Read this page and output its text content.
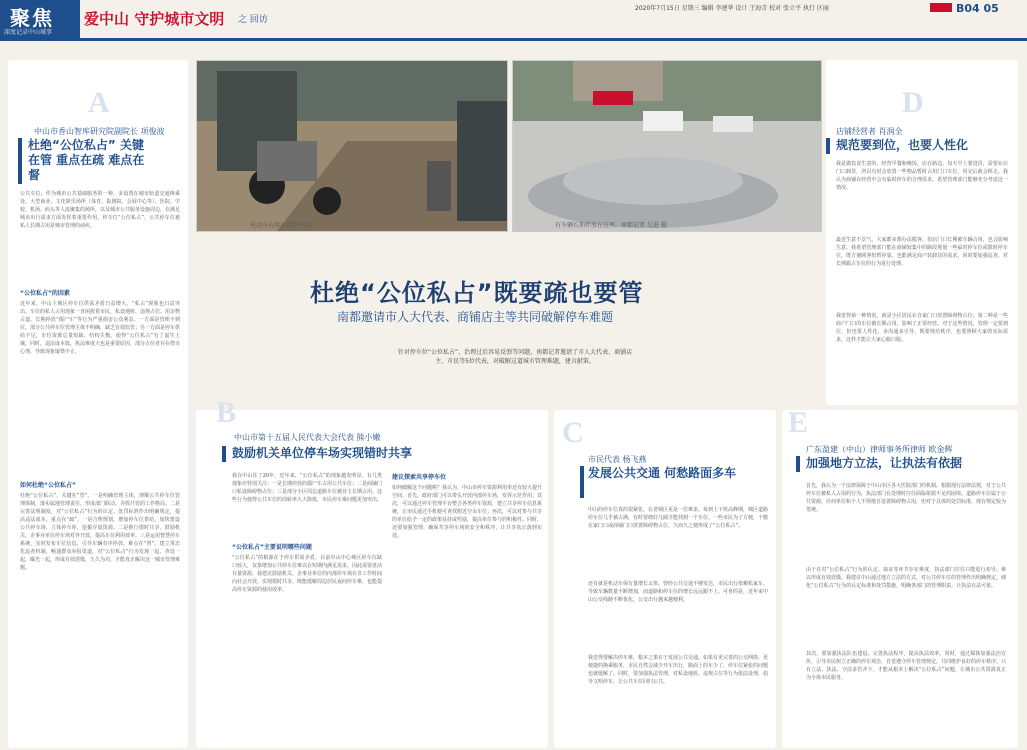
聚焦
深度记录中山城事
爱中山 守护城市文明 之 回访
2020年7月15日 星期三 编辑 李建华 设计 王海青 校对 张立平 执行 区丽	B04 05
A
中山市香山智库研究院副院长 项俊波
杜绝“公位私占” 关键在管 重点在疏 难点在督
公共车位，作为城市公共基础服务的一种，多设置在城市轨道交通换乘处、大型商业、文化娱乐场所（体育、影剧院、会展中心等）、医院、学校、机场、码头等人流聚集的场所，以及城市公共服务设施周边，在满足城市出行需求方面发挥着重要作用。停车位“公位私占”，公共停车位被私人长期占用是城市管理的顽疾。
“公位私占”的因素
近年来，中山主城区停车位供需矛盾日益增大，“私占”现象也日益突出。车位的私人占用现象一直困扰着市民，私设地桩、违规占位、用杂物占道、长期停放“僵尸车”等行为严重损害公众利益。一方面是管理不到位，部分公共停车位管理主体不明确，缺乏有效监管；另一方面是停车供给不足，车位资源总量短缺、结构失衡，使得“公位私占”有了滋生土壤。同时，违法成本低、执法难度大也是重要原因，部分占位者存在侥幸心理，导致现象屡禁不止。
如何杜绝“公位私占”
杜绝“公位私占”，关键在“管”。一是明确管理主体，理顺公共停车位管理体制，落实属地管理责任，形成部门联动、齐抓共管的工作格局。二是完善法规制度，对“公位私占”行为的认定、处罚标准作出明确规定，提高违法成本。重点在“疏”。一是合理规划，增加停车位供给，加快建设公共停车场、立体停车库，挖掘存量资源。二是推行错时共享，鼓励机关、企事业单位停车场对外开放，提高车位利用效率。三是运用智慧停车系统，实时发布车位信息，引导车辆有序停放。难点在“督”。建立常态化巡查机制，畅通群众举报渠道，对“公位私占”行为发现一起、查处一起，曝光一起，形成有效震慑，久久为功，才能真正解决这一城市管理难题。
电动车占用公共停车位。	有车辆长期停放在这里。南都记者 吴进 摄
杜绝“公位私占”既要疏也要管
南都邀请市人大代表、商铺店主等共同破解停车难题
针对停车位“公位私占”、治理过后容易反弹等问题，南都记者邀请了市人大代表、商铺店主、市民等5位代表，对破解这道城市管理难题，建言献策。
D
店铺经营者 肖润全
规范要到位，也要人性化
我是做饮食生意的，经营早餐和晚饭，店在路边。每天早上要进货，需要在店门口卸货，所以有时会放置一些物品暂时占用门口车位，用完后就会移走。我认为商铺在经营中会有临时停车的合理需求，希望管理部门能够充分考虑这一情况。
最近生意不景气，大家都多想办法揽客。但店门口长期被车辆占用，也会影响生意。我希望管理部门能在商铺较集中的路段规划一些临时停车位或限时停车位，既方便顾客短暂停靠，也能满足商户装卸货的需求，同时要加强巡查，对长期霸占车位的行为进行处理。
我觉得第一种情况，就是小区居民在自家门口放置障碍物占位；第二种是一些商户门口的车位被长期占用，影响了正常经营。对于这些情况，管理一定要到位，但也要人性化，多沟通多引导，既要规范秩序，也要照顾大家的实际需求，这样才能让大家心服口服。
B
中山市第十五届人民代表大会代表 熊小嫩
鼓励机关单位停车场实现错时共享
我在中山住了20年，近年来，“公位私占”的现象越发明显。有几类现象应特别关注：一是长期停放的僵尸车占用公共车位；二是商铺门口私设障碍物占位；三是部分小区周边道路车位被业主长期占用。这些行为使得公共车位的周转率大大降低，市民停车难问题更加突出。
“公位私占”主要说明哪些问题
“公位私占”的根源在于停车供需矛盾。目前中山中心城区停车位缺口较大，仅靠增加公共停车位难以在短期内满足需求，因此需要盘活存量资源。我建议鼓励机关、企事业单位的内部停车场在非工作时间向社会开放，实现错时共享，既能缓解周边居民夜间停车难，也能提高停车资源的使用效率。
建议探索共享停车位
如何破解这个问题呢？我认为，中山市停车资源利用率还有较大提升空间。首先，政府部门可以带头开放内部停车场，发挥示范作用；其次，可以通过停车管理平台整合各类停车资源，建立共享停车信息系统，让市民通过手机便可查找附近空余车位；再次，可以对参与共享的单位给予一定的政策扶持或奖励，提高单位参与的积极性。同时，还要加强管理，确保共享停车场的安全和秩序，让共享真正落到实处。
C
市民代表 杨飞燕
发展公共交通 何愁路面多车
中山的停车位真的很紧张，在老城区更是一位难求。每到上下班高峰期，城区道路停车位几乎被占满，有时要绕好几圈才能找到一个车位。一些市民为了方便，干脆在家门口或商铺门口放置障碍物占位，久而久之便形成了“公位私占”。
还有就是机动车保有量增长太快。曾经公共交通不够发达，市民出行依赖私家车，导致车辆数量不断增加，而道路和停车位的增长远远跟不上。可喜的是，近年来中山公交线路不断优化，公交出行越来越便利。
我觉得要解决停车难，根本之策在于发展公共交通。如果有更完善的公交网络、更便捷的换乘服务，市民自然会减少开车出行，路面上的车少了，停车位紧张的问题也就缓解了。同时，要加强执法管理，对私设地桩、违规占位等行为依法处理，倡导文明停车，让公共车位回归公共。
E
广东盈建（中山）律师事务所律师 欧金辉
加强地方立法，让执法有依据
首先，我认为一个法律保障于中山市区各大医院部门的机制。根据现行法律法规，对于公共停车位被私人占用的行为，执法部门在处理时往往面临依据不足的困境。道路停车位属于公共资源，任何单位和个人不得擅自设置障碍物占用，但对于具体的处罚标准，现有规定较为笼统。
由于在对“公位私占”行为的认定、取证等环节存在难度，执法部门往往只能进行劝导，难以形成有效震慑。我建议中山通过地方立法的方式，对公共停车位的管理作出明确规定，细化“公位私占”行为的认定标准和处罚措施，明确各部门的管理职责，让执法有法可依。
其次，要加强执法队伍建设，完善执法程序，提高执法效率。同时，通过媒体加强法治宣传，引导市民树立正确的停车观念，自觉遵守停车管理规定，共同维护良好的停车秩序。只有立法、执法、守法多管齐下，才能从根本上解决“公位私占”问题，让城市公共资源真正为全体市民服务。
